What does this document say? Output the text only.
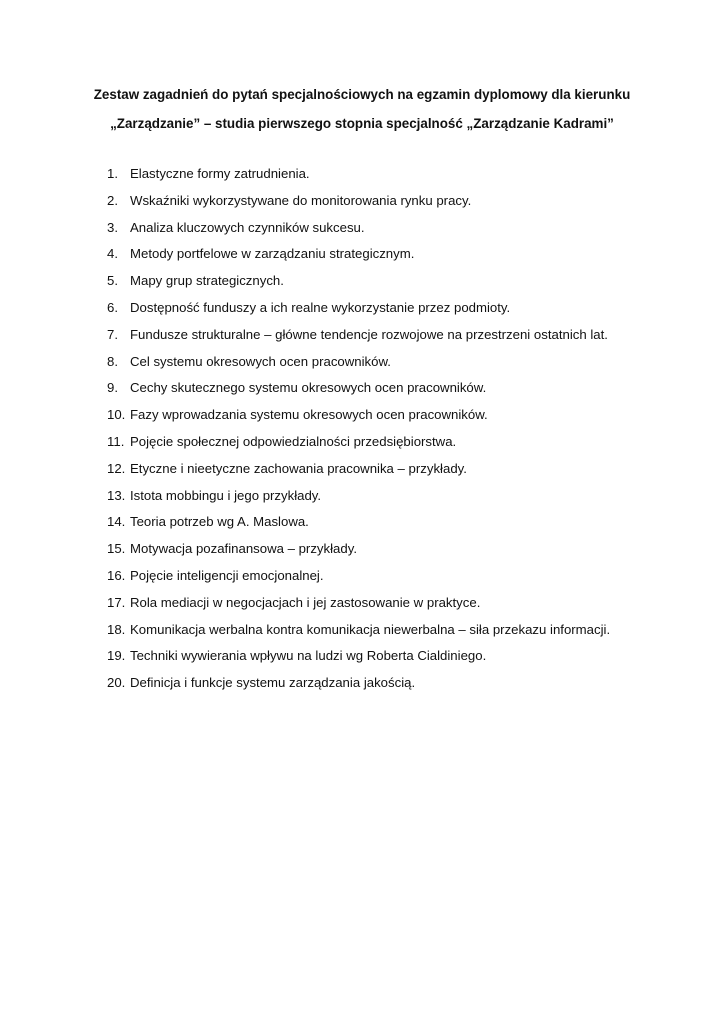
Zestaw zagadnień do pytań specjalnościowych na egzamin dyplomowy dla kierunku
„Zarządzanie” – studia pierwszego stopnia specjalność „Zarządzanie Kadrami”
1. Elastyczne formy zatrudnienia.
2. Wskaźniki wykorzystywane do monitorowania rynku pracy.
3. Analiza kluczowych czynników sukcesu.
4. Metody portfelowe w zarządzaniu strategicznym.
5. Mapy grup strategicznych.
6. Dostępność funduszy a ich realne wykorzystanie przez podmioty.
7. Fundusze strukturalne – główne tendencje rozwojowe na przestrzeni ostatnich lat.
8. Cel systemu okresowych ocen pracowników.
9. Cechy skutecznego systemu okresowych ocen pracowników.
10. Fazy wprowadzania systemu okresowych ocen pracowników.
11. Pojęcie społecznej odpowiedzialności przedsiębiorstwa.
12. Etyczne i nieetyczne zachowania pracownika – przykłady.
13. Istota mobbingu i jego przykłady.
14. Teoria potrzeb wg A. Maslowa.
15. Motywacja pozafinansowa – przykłady.
16. Pojęcie inteligencji emocjonalnej.
17. Rola mediacji w negocjacjach i jej zastosowanie w praktyce.
18. Komunikacja werbalna kontra komunikacja niewerbalna – siła przekazu informacji.
19. Techniki wywierania wpływu na ludzi wg Roberta Cialdiniego.
20. Definicja i funkcje systemu zarządzania jakością.
